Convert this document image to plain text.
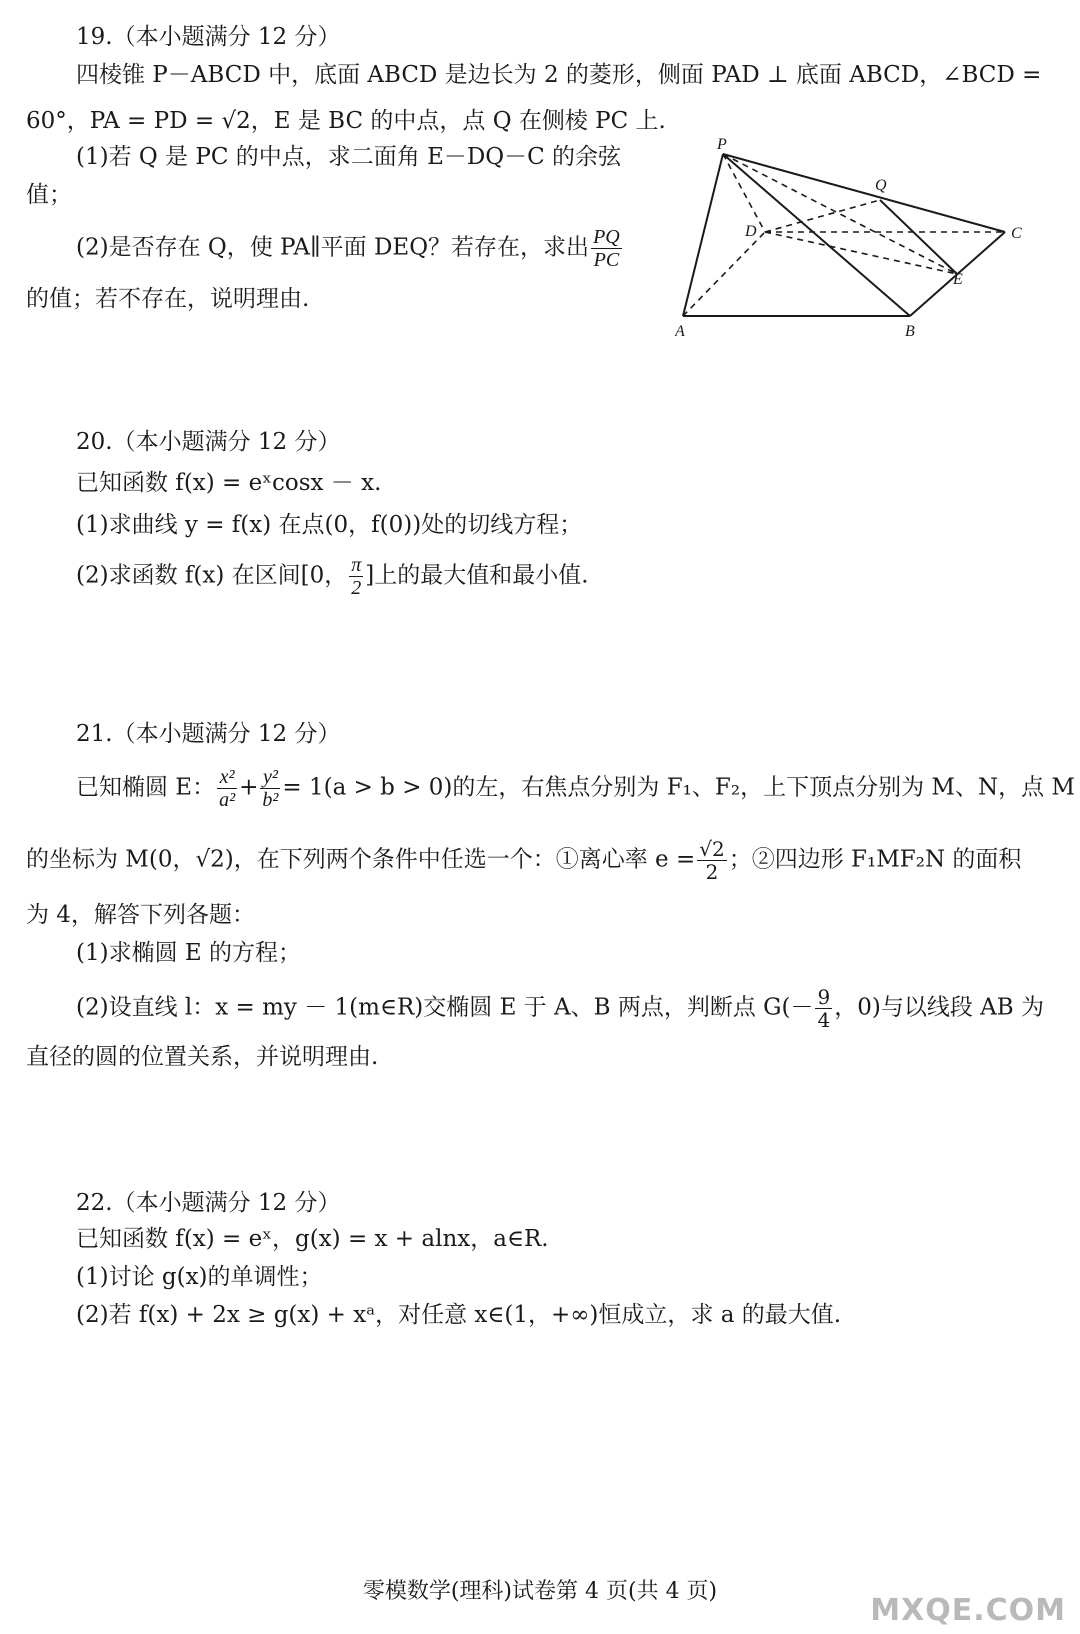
19.（本小题满分 12 分）
四棱锥 P－ABCD 中，底面 ABCD 是边长为 2 的菱形，侧面 PAD ⊥ 底面 ABCD，∠BCD =
60°，PA = PD = √2，E 是 BC 的中点，点 Q 在侧棱 PC 上.
(1)若 Q 是 PC 的中点，求二面角 E－DQ－C 的余弦
值；
(2)是否存在 Q，使 PA∥平面 DEQ？若存在，求出 $\frac{PQ}{PC}$
的值；若不存在，说明理由.
P
Q
D	C
E
A	B
20.（本小题满分 12 分）
已知函数 f(x) = eˣcosx － x.
(1)求曲线 y = f(x) 在点(0，f(0))处的切线方程；
(2)求函数 f(x) 在区间[0， $\frac{\pi}{2}$ ]上的最大值和最小值.
21.（本小题满分 12 分）
已知椭圆 E： $\frac{\text{x²}}{\text{a²}} + \frac{\text{y²}}{\text{b²}} = 1(a > b > 0)$的左，右焦点分别为 F₁、F₂，上下顶点分别为 M、N，点 M
的坐标为 M(0，√2)，在下列两个条件中任选一个：①离心率 $e = \frac{√2}{2}$ ；②四边形 F₁MF₂N 的面积
为 4，解答下列各题：
(1)求椭圆 E 的方程；
(2)设直线 l：x = my － 1(m∈R)交椭圆 E 于 A、B 两点，判断点 $G(- \frac{9}{4}$ ，0)与以线段 AB 为
直径的圆的位置关系，并说明理由.
22.（本小题满分 12 分）
已知函数 f(x) = eˣ，g(x) = x + alnx，a∈R.
(1)讨论 g(x)的单调性；
(2)若 f(x) + 2x ≥ g(x) + xᵃ，对任意 x∈(1，+∞)恒成立，求 a 的最大值.
零模数学(理科)试卷第 4 页(共 4 页)
MXQE.COM
